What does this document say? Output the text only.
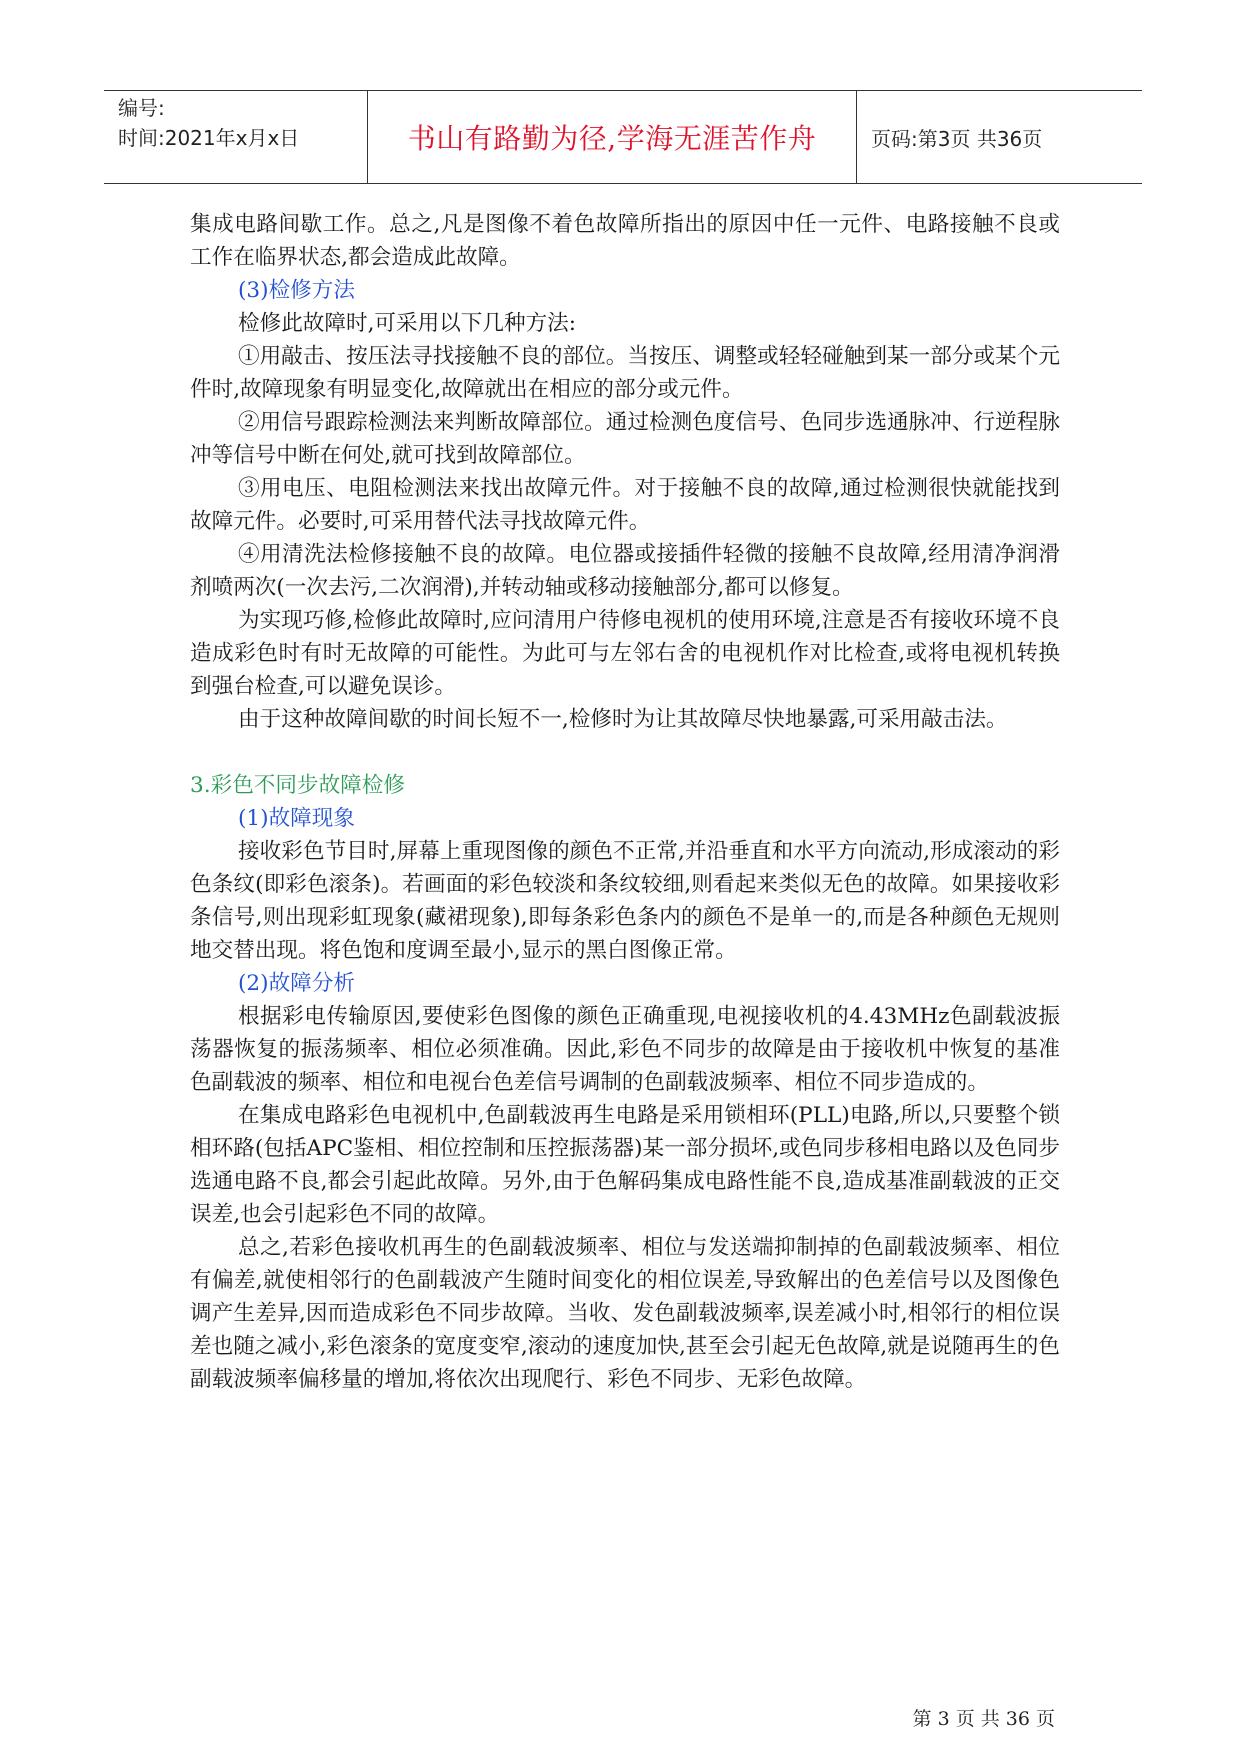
编号:
时间:2021年x月x日	书山有路勤为径,学海无涯苦作舟	页码:第3页 共36页

集成电路间歇工作。总之,凡是图像不着色故障所指出的原因中任一元件、电路接触不良或工作在临界状态,都会造成此故障。

(3)检修方法

检修此故障时,可采用以下几种方法:

①用敲击、按压法寻找接触不良的部位。当按压、调整或轻轻碰触到某一部分或某个元件时,故障现象有明显变化,故障就出在相应的部分或元件。

②用信号跟踪检测法来判断故障部位。通过检测色度信号、色同步选通脉冲、行逆程脉冲等信号中断在何处,就可找到故障部位。

③用电压、电阻检测法来找出故障元件。对于接触不良的故障,通过检测很快就能找到故障元件。必要时,可采用替代法寻找故障元件。

④用清洗法检修接触不良的故障。电位器或接插件轻微的接触不良故障,经用清净润滑剂喷两次(一次去污,二次润滑),并转动轴或移动接触部分,都可以修复。

为实现巧修,检修此故障时,应问清用户待修电视机的使用环境,注意是否有接收环境不良造成彩色时有时无故障的可能性。为此可与左邻右舍的电视机作对比检查,或将电视机转换到强台检查,可以避免误诊。

由于这种故障间歇的时间长短不一,检修时为让其故障尽快地暴露,可采用敲击法。

3.彩色不同步故障检修

(1)故障现象

接收彩色节目时,屏幕上重现图像的颜色不正常,并沿垂直和水平方向流动,形成滚动的彩色条纹(即彩色滚条)。若画面的彩色较淡和条纹较细,则看起来类似无色的故障。如果接收彩条信号,则出现彩虹现象(藏裙现象),即每条彩色条内的颜色不是单一的,而是各种颜色无规则地交替出现。将色饱和度调至最小,显示的黑白图像正常。

(2)故障分析

根据彩电传输原因,要使彩色图像的颜色正确重现,电视接收机的4.43MHz色副载波振荡器恢复的振荡频率、相位必须准确。因此,彩色不同步的故障是由于接收机中恢复的基准色副载波的频率、相位和电视台色差信号调制的色副载波频率、相位不同步造成的。

在集成电路彩色电视机中,色副载波再生电路是采用锁相环(PLL)电路,所以,只要整个锁相环路(包括APC鉴相、相位控制和压控振荡器)某一部分损坏,或色同步移相电路以及色同步选通电路不良,都会引起此故障。另外,由于色解码集成电路性能不良,造成基准副载波的正交误差,也会引起彩色不同的故障。

总之,若彩色接收机再生的色副载波频率、相位与发送端抑制掉的色副载波频率、相位有偏差,就使相邻行的色副载波产生随时间变化的相位误差,导致解出的色差信号以及图像色调产生差异,因而造成彩色不同步故障。当收、发色副载波频率,误差减小时,相邻行的相位误差也随之减小,彩色滚条的宽度变窄,滚动的速度加快,甚至会引起无色故障,就是说随再生的色副载波频率偏移量的增加,将依次出现爬行、彩色不同步、无彩色故障。

第 3 页 共 36 页
